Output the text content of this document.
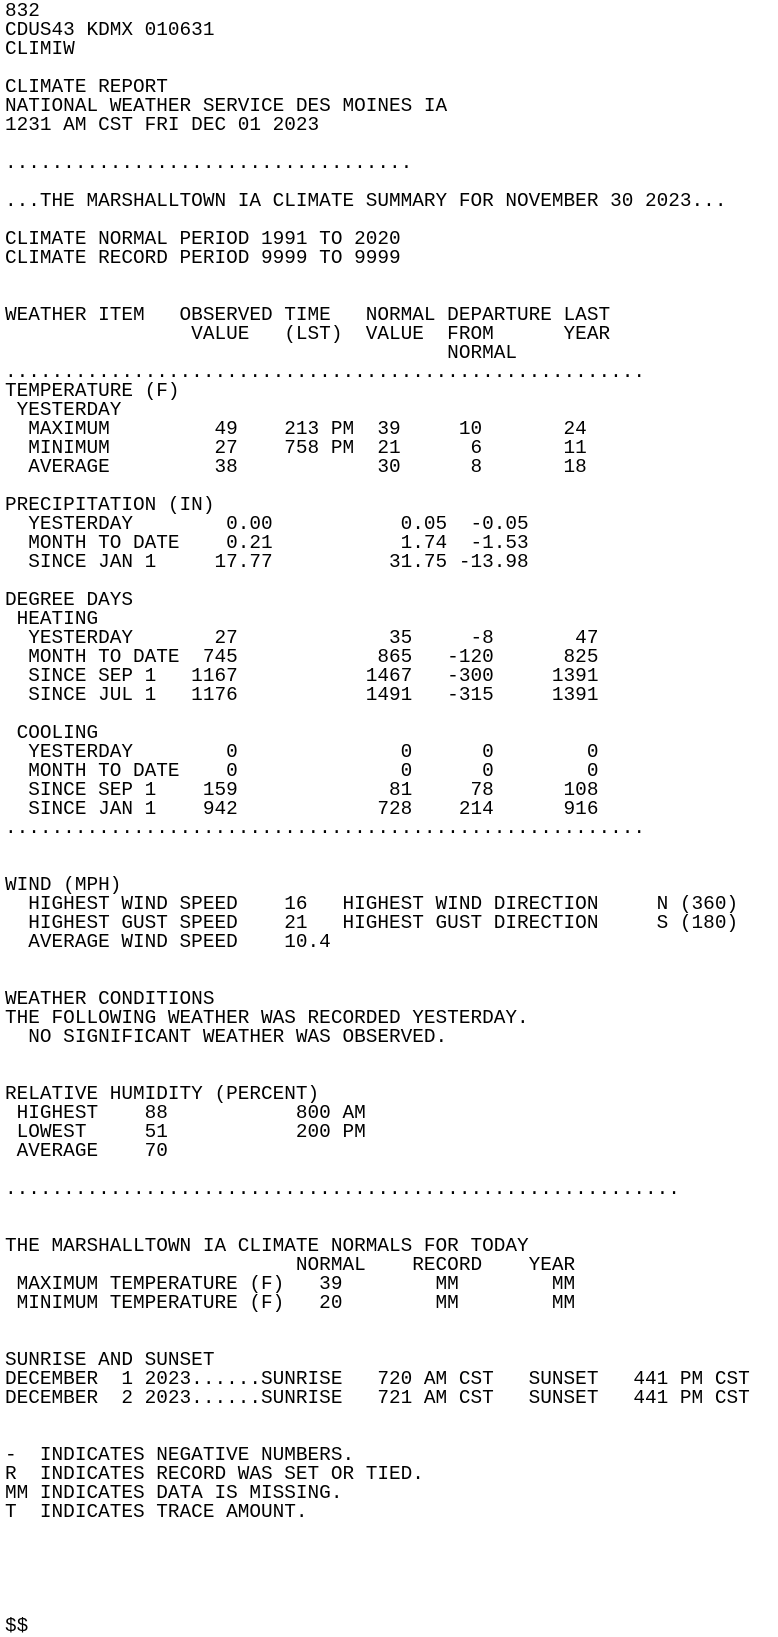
832
CDUS43 KDMX 010631
CLIMIW
CLIMATE REPORT
NATIONAL WEATHER SERVICE DES MOINES IA
1231 AM CST FRI DEC 01 2023
...................................
...THE MARSHALLTOWN IA CLIMATE SUMMARY FOR NOVEMBER 30 2023...
CLIMATE NORMAL PERIOD 1991 TO 2020
CLIMATE RECORD PERIOD 9999 TO 9999
WEATHER ITEM   OBSERVED TIME   NORMAL DEPARTURE LAST
VALUE   (LST)  VALUE  FROM      YEAR
NORMAL
.......................................................
TEMPERATURE (F)
YESTERDAY
MAXIMUM         49    213 PM  39     10       24
MINIMUM         27    758 PM  21      6       11
AVERAGE         38            30      8       18
PRECIPITATION (IN)
YESTERDAY        0.00           0.05  -0.05
MONTH TO DATE    0.21           1.74  -1.53
SINCE JAN 1     17.77          31.75 -13.98
DEGREE DAYS
HEATING
YESTERDAY       27             35     -8       47
MONTH TO DATE  745            865   -120      825
SINCE SEP 1   1167           1467   -300     1391
SINCE JUL 1   1176           1491   -315     1391
COOLING
YESTERDAY        0              0      0        0
MONTH TO DATE    0              0      0        0
SINCE SEP 1    159             81     78      108
SINCE JAN 1    942            728    214      916
.......................................................
WIND (MPH)
HIGHEST WIND SPEED    16   HIGHEST WIND DIRECTION     N (360)
HIGHEST GUST SPEED    21   HIGHEST GUST DIRECTION     S (180)
AVERAGE WIND SPEED    10.4
WEATHER CONDITIONS
THE FOLLOWING WEATHER WAS RECORDED YESTERDAY.
NO SIGNIFICANT WEATHER WAS OBSERVED.
RELATIVE HUMIDITY (PERCENT)
HIGHEST    88           800 AM
LOWEST     51           200 PM
AVERAGE    70
..........................................................
THE MARSHALLTOWN IA CLIMATE NORMALS FOR TODAY
NORMAL    RECORD    YEAR
MAXIMUM TEMPERATURE (F)   39        MM        MM
MINIMUM TEMPERATURE (F)   20        MM        MM
SUNRISE AND SUNSET
DECEMBER  1 2023......SUNRISE   720 AM CST   SUNSET   441 PM CST
DECEMBER  2 2023......SUNRISE   721 AM CST   SUNSET   441 PM CST
-  INDICATES NEGATIVE NUMBERS.
R  INDICATES RECORD WAS SET OR TIED.
MM INDICATES DATA IS MISSING.
T  INDICATES TRACE AMOUNT.
$$
